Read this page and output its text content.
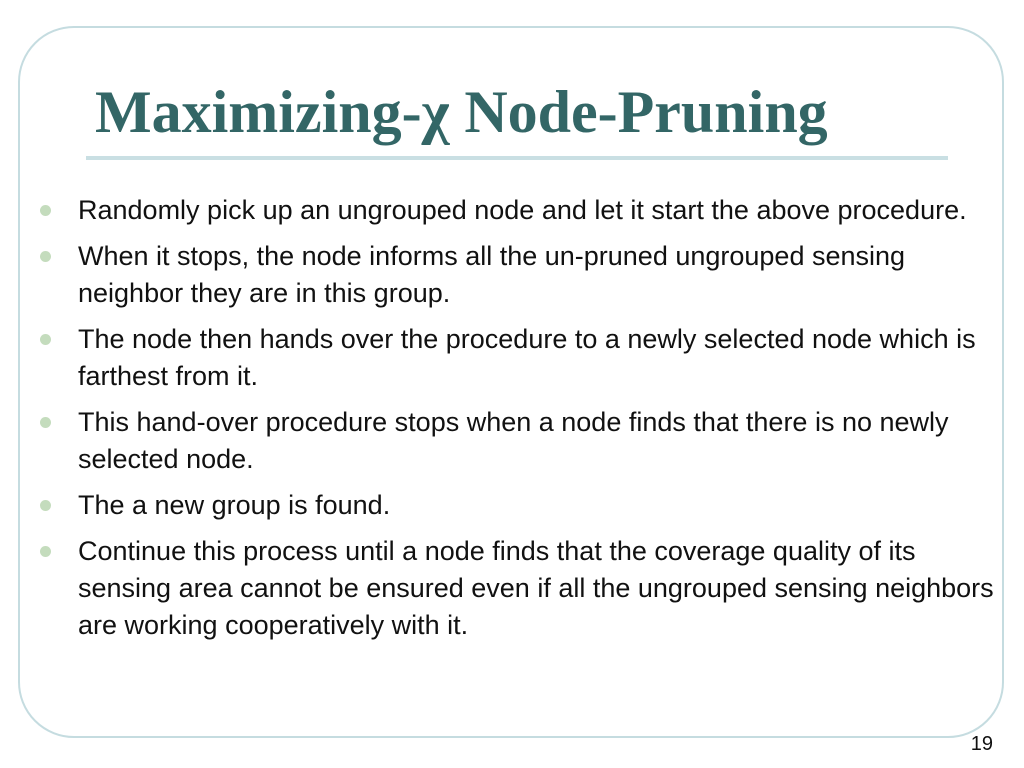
Maximizing-χ Node-Pruning
Randomly pick up an ungrouped node and let it start the above procedure.
When it stops, the node informs all the un-pruned ungrouped sensing neighbor they are in this group.
The node then hands over the procedure to a newly selected node which is farthest from it.
This hand-over procedure stops when a node finds that there is no newly selected node.
The a new group is found.
Continue this process until a node finds that the coverage quality of its sensing area cannot be ensured even if all the ungrouped sensing neighbors are working cooperatively with it.
19
